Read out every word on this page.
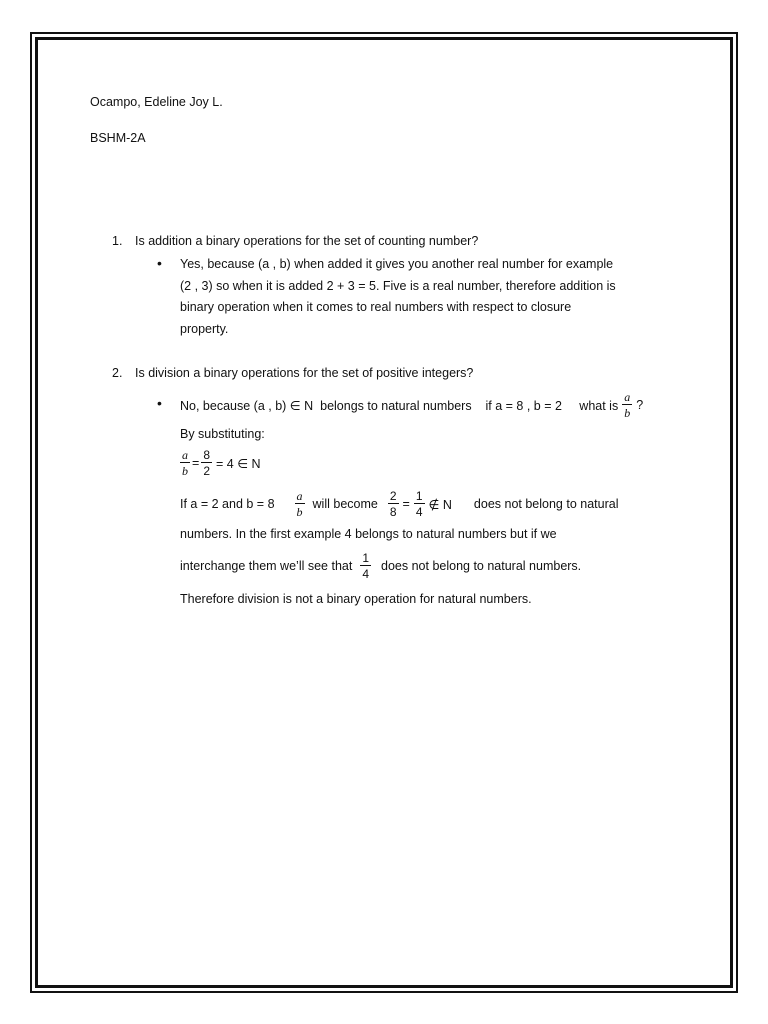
Ocampo, Edeline Joy L.
BSHM-2A
1. Is addition a binary operations for the set of counting number?
• Yes, because (a , b) when added it gives you another real number for example
(2 , 3) so when it is added 2 + 3 = 5. Five is a real number, therefore addition is
binary operation when it comes to real numbers with respect to closure
property.
2. Is division a binary operations for the set of positive integers?
• No, because (a , b) ∈ N  belongs to natural numbers    if a = 8 , b = 2     what is $\frac{a}{b}$ ?
By substituting:
$\frac{a}{b} = \frac{8}{2} = 4$ ∈ N
If a = 2 and $b = 8 \frac{a}{b}$ will become $\frac{2}{8} = \frac{1}{4}$ ∉ N does not belong to natural
numbers. In the first example 4 belongs to natural numbers but if we
interchange them we’ll see that $\frac{1}{4}$ does not belong to natural numbers.
Therefore division is not a binary operation for natural numbers.
